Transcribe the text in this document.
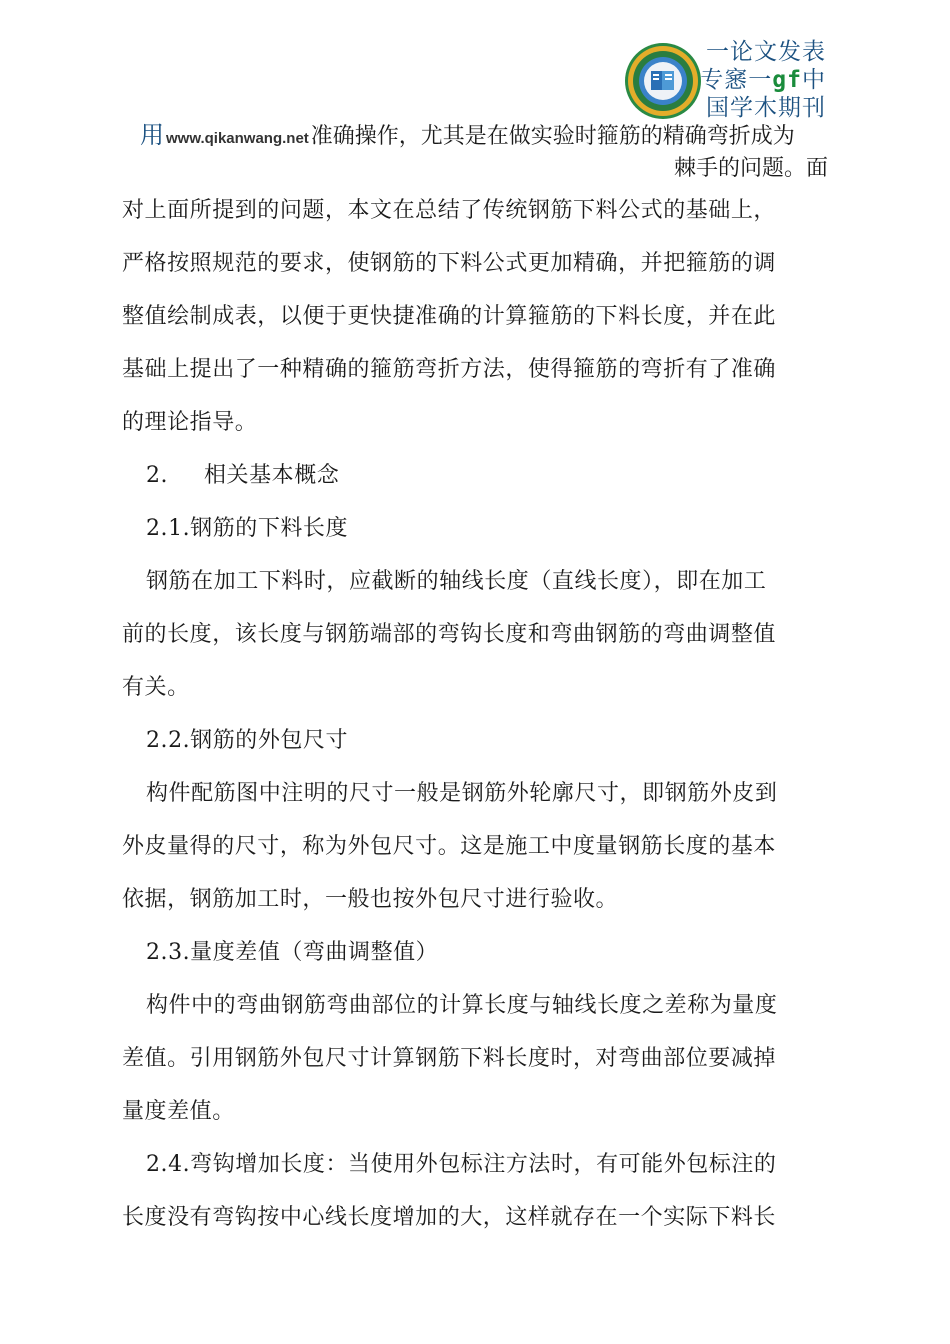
一论文发表
专窸一gf中
国学木期刊
用www.qikanwang.net准确操作，尤其是在做实验时箍筋的精确弯折成为
棘手的问题。面
对上面所提到的问题，本文在总结了传统钢筋下料公式的基础上，
严格按照规范的要求，使钢筋的下料公式更加精确，并把箍筋的调
整值绘制成表，以便于更快捷准确的计算箍筋的下料长度，并在此
基础上提出了一种精确的箍筋弯折方法，使得箍筋的弯折有了准确
的理论指导。
2. 相关基本概念
2.1.钢筋的下料长度
钢筋在加工下料时，应截断的轴线长度（直线长度），即在加工
前的长度，该长度与钢筋端部的弯钩长度和弯曲钢筋的弯曲调整值
有关。
2.2.钢筋的外包尺寸
构件配筋图中注明的尺寸一般是钢筋外轮廓尺寸，即钢筋外皮到
外皮量得的尺寸，称为外包尺寸。这是施工中度量钢筋长度的基本
依据，钢筋加工时，一般也按外包尺寸进行验收。
2.3.量度差值（弯曲调整值）
构件中的弯曲钢筋弯曲部位的计算长度与轴线长度之差称为量度
差值。引用钢筋外包尺寸计算钢筋下料长度时，对弯曲部位要减掉
量度差值。
2.4.弯钩增加长度：当使用外包标注方法时，有可能外包标注的
长度没有弯钩按中心线长度增加的大，这样就存在一个实际下料长
